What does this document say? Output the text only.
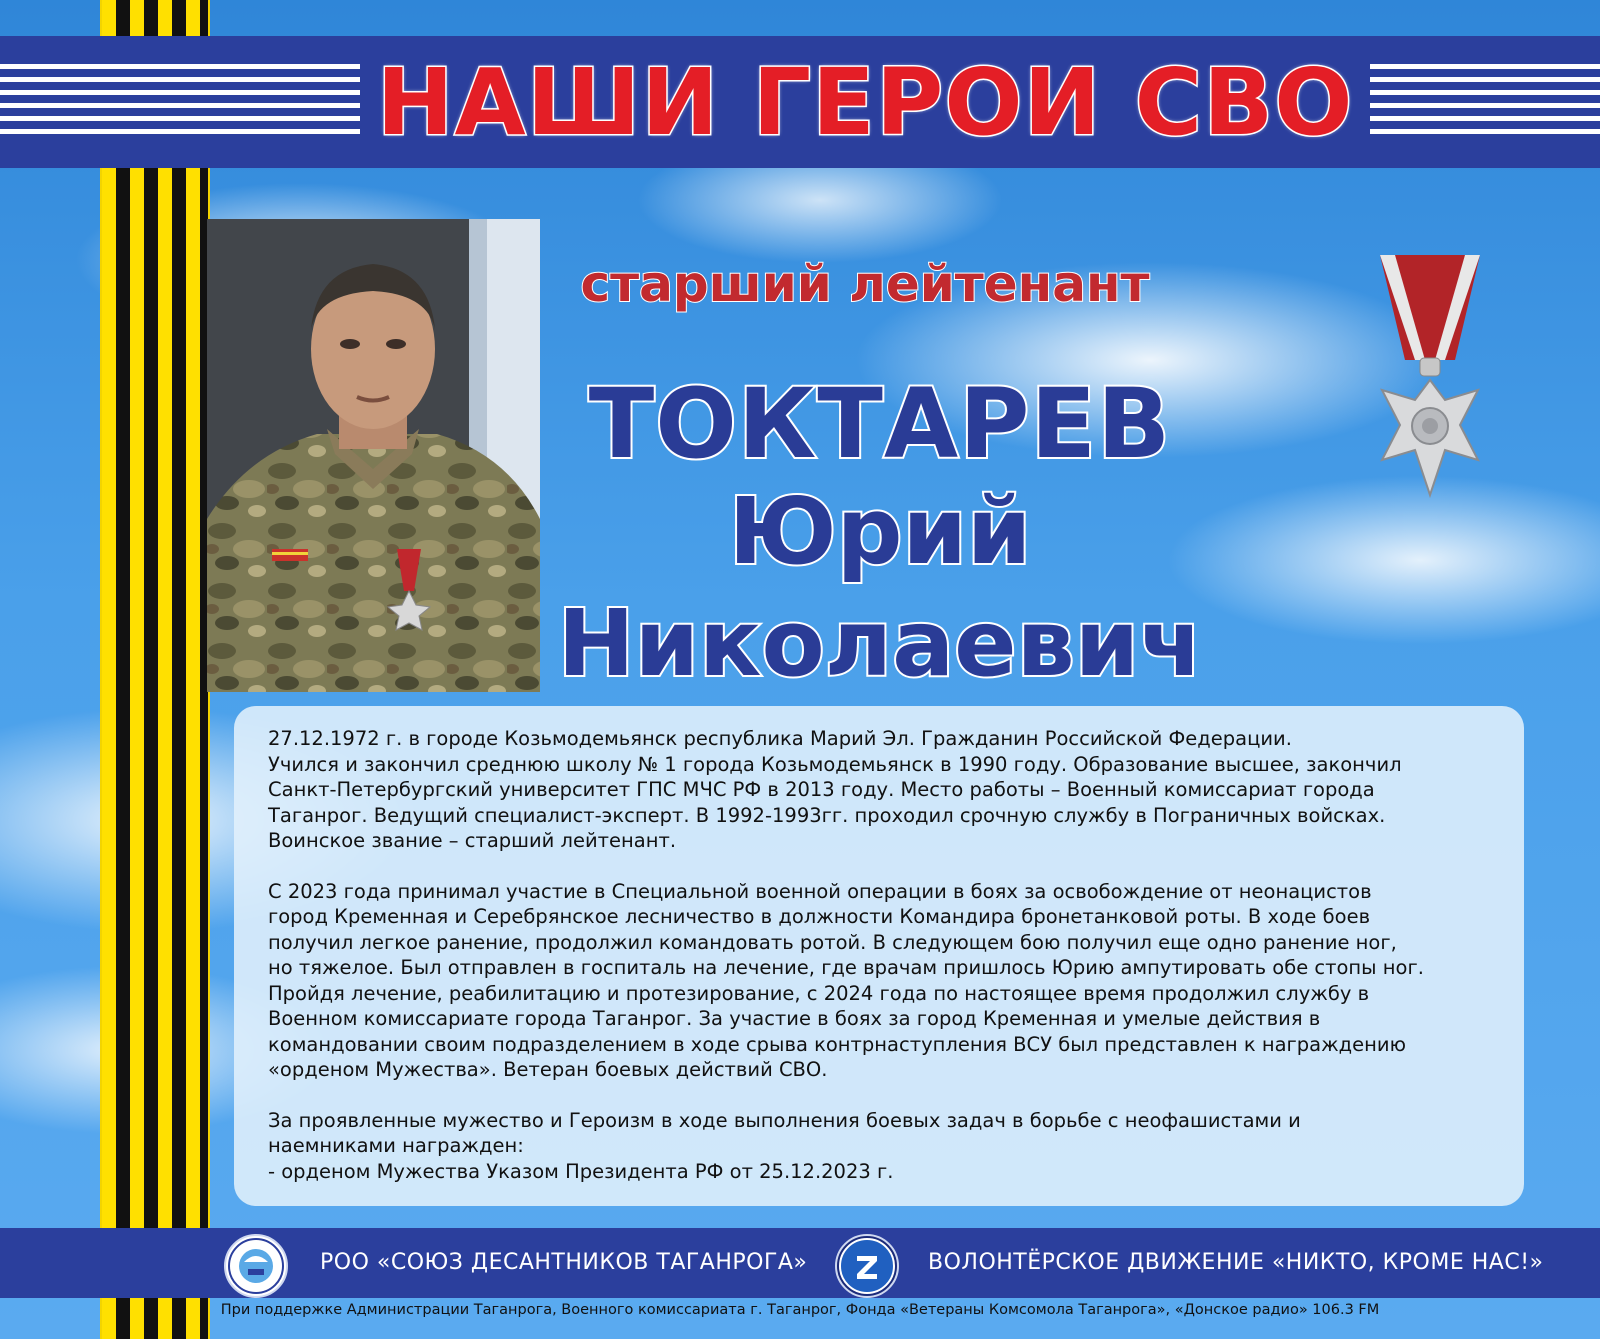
НАШИ ГЕРОИ СВО
старший лейтенант
ТОКТАРЕВ
Юрий
Николаевич

27.12.1972 г. в городе Козьмодемьянск республика Марий Эл. Гражданин Российской Федерации.
Учился и закончил среднюю школу № 1 города Козьмодемьянск в 1990 году. Образование высшее, закончил
Санкт-Петербургский университет ГПС МЧС РФ в 2013 году. Место работы – Военный комиссариат города
Таганрог. Ведущий специалист-эксперт. В 1992-1993гг. проходил срочную службу в Пограничных войсках.
Воинское звание – старший лейтенант.

С 2023 года принимал участие в Специальной военной операции в боях за освобождение от неонацистов
город Кременная и Серебрянское лесничество в должности Командира бронетанковой роты. В ходе боев
получил легкое ранение, продолжил командовать ротой. В следующем бою получил еще одно ранение ног,
но тяжелое. Был отправлен в госпиталь на лечение, где врачам пришлось Юрию ампутировать обе стопы ног.
Пройдя лечение, реабилитацию и протезирование, с 2024 года по настоящее время продолжил службу в
Военном комиссариате города Таганрог. За участие в боях за город Кременная и умелые действия в
командовании своим подразделением в ходе срыва контрнаступления ВСУ был представлен к награждению
«орденом Мужества». Ветеран боевых действий СВО.

За проявленные мужество и Героизм в ходе выполнения боевых задач в борьбе с неофашистами и
наемниками награжден:
- орденом Мужества Указом Президента РФ от 25.12.2023 г.

РОО «СОЮЗ ДЕСАНТНИКОВ ТАГАНРОГА»	ВОЛОНТЁРСКОЕ ДВИЖЕНИЕ «НИКТО, КРОМЕ НАС!»
При поддержке Администрации Таганрога, Военного комиссариата г. Таганрог, Фонда «Ветераны Комсомола Таганрога», «Донское радио» 106.3 FM
